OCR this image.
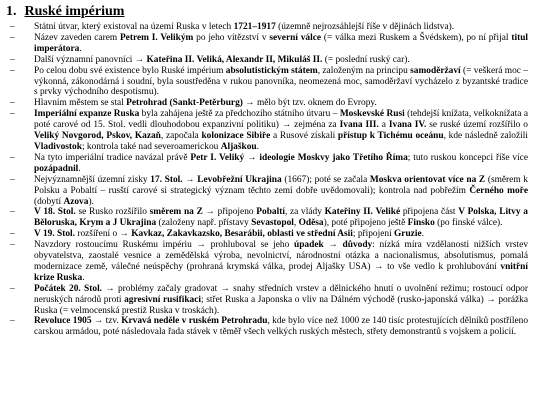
1. Ruské impérium
– Státní útvar, který existoval na území Ruska v letech 1721–1917 (územně nejrozsáhlejší říše v dějinách lidstva).
– Název zaveden carem Petrem I. Velikým po jeho vítězství v severní válce (= válka mezi Ruskem a Švédskem), po ní přijal titul imperátora.
– Další významní panovníci → Kateřina II. Veliká, Alexandr II, Mikuláš II. (= poslední ruský car).
– Po celou dobu své existence bylo Ruské impérium absolutistickým státem, založeným na principu samoděržaví (= veškerá moc – výkonná, zákonodárná i soudní, byla soustředěna v rukou panovníka, neomezená moc, samoděržaví vycházelo z byzantské tradice s prvky východního despotismu).
– Hlavním městem se stal Petrohrad (Sankt-Petěrburg) → mělo být tzv. oknem do Evropy.
– Imperiální expanze Ruska byla zahájena ještě za předchozího státního útvaru – Moskevské Rusi (tehdejší knížata, velkoknížata a poté carové od 15. Stol. vedli dlouhodobou expanzivní politiku) → zejména za Ivana III. a Ivana IV. se ruské území rozšířilo o Veliký Novgorod, Pskov, Kazaň, započala kolonizace Sibiře a Rusové získali přístup k Tichému oceánu, kde následně založili Vladivostok; kontrola také nad severoamerickou Aljaškou.
– Na tyto imperiální tradice navázal právě Petr I. Veliký → ideologie Moskvy jako Třetího Říma; tuto ruskou koncepci říše více pozápadnil.
– Nejvýznamnější územní zisky 17. Stol. → Levobřežní Ukrajina (1667); poté se začala Moskva orientovat více na Z (směrem k Polsku a Pobaltí – rusští carové si strategický význam těchto zemí dobře uvědomovali); kontrola nad pobřežím Černého moře (dobytí Azova).
– V 18. Stol. se Rusko rozšířilo směrem na Z → připojeno Pobaltí, za vlády Kateřiny II. Veliké připojena část V Polska, Litvy a Běloruska, Krym a J Ukrajina (založeny např. přístavy Sevastopol, Oděsa), poté připojeno ještě Finsko (po finské válce).
– V 19. Stol. rozšíření o → Kavkaz, Zakavkazsko, Besarábii, oblasti ve střední Asii; připojení Gruzie.
– Navzdory rostoucímu Ruskému impériu → prohluboval se jeho úpadek → důvody: nízká míra vzdělanosti nižších vrstev obyvatelstva, zaostalé vesnice a zemědělská výroba, nevolnictví, národnostní otázka a nacionalismus, absolutismus, pomalá modernizace země, válečné neúspěchy (prohraná krymská válka, prodej Aljašky USA) → to vše vedlo k prohlubování vnitřní krize Ruska.
– Počátek 20. Stol. → problémy začaly gradovat → snahy středních vrstev a dělnického hnutí o uvolnění režimu; rostoucí odpor neruských národů proti agresivní rusifikaci; střet Ruska a Japonska o vliv na Dálném východě (rusko-japonská válka) → porážka Ruska (= velmocenská prestiž Ruska v troskách).
– Revoluce 1905 → tzv. Krvavá neděle v ruském Petrohradu, kde bylo více než 1000 ze 140 tisíc protestujících dělníků postříleno carskou armádou, poté následovala řada stávek v těměř všech velkých ruských městech, střety demonstrantů s vojskem a policií.
